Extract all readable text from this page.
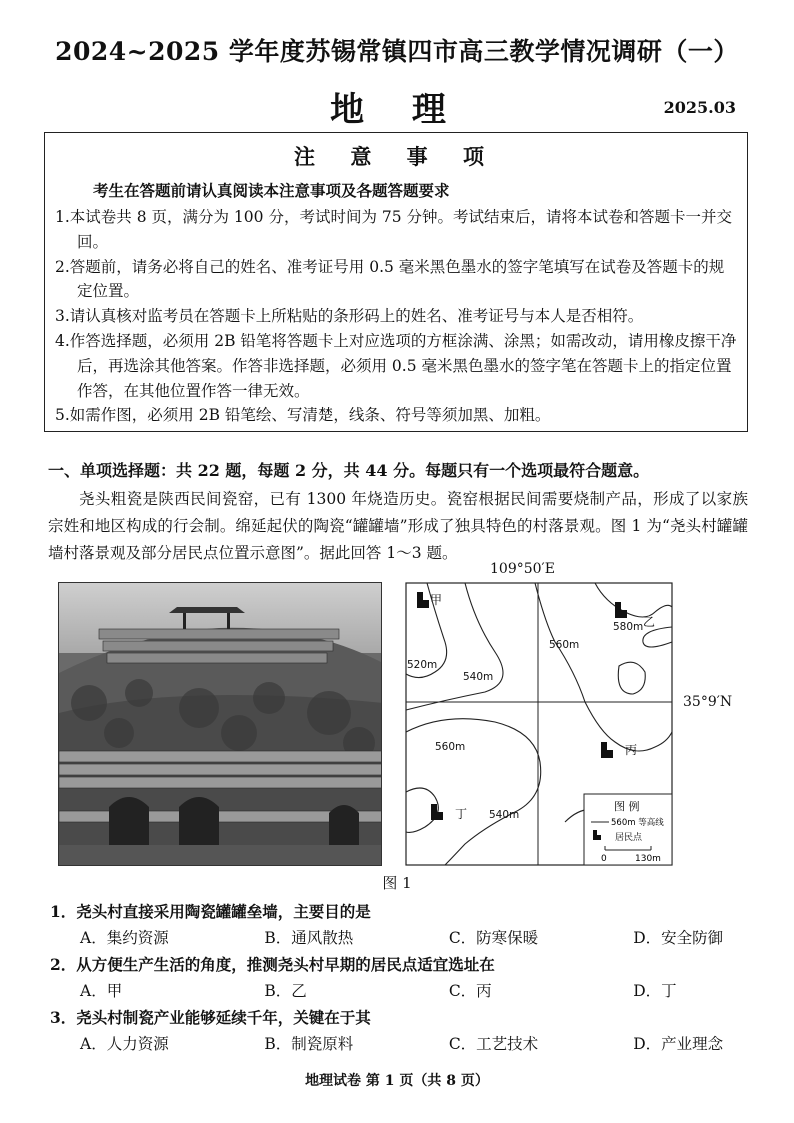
2024~2025 学年度苏锡常镇四市高三教学情况调研（一）
地 理	2025.03
注 意 事 项
考生在答题前请认真阅读本注意事项及各题答题要求
1.本试卷共 8 页，满分为 100 分，考试时间为 75 分钟。考试结束后，请将本试卷和答题卡一并交回。
2.答题前，请务必将自己的姓名、准考证号用 0.5 毫米黑色墨水的签字笔填写在试卷及答题卡的规定位置。
3.请认真核对监考员在答题卡上所粘贴的条形码上的姓名、准考证号与本人是否相符。
4.作答选择题，必须用 2B 铅笔将答题卡上对应选项的方框涂满、涂黑；如需改动，请用橡皮擦干净后，再选涂其他答案。作答非选择题，必须用 0.5 毫米黑色墨水的签字笔在答题卡上的指定位置作答，在其他位置作答一律无效。
5.如需作图，必须用 2B 铅笔绘、写清楚，线条、符号等须加黑、加粗。
一、单项选择题：共 22 题，每题 2 分，共 44 分。每题只有一个选项最符合题意。
尧头粗瓷是陕西民间瓷窑，已有 1300 年烧造历史。瓷窑根据民间需要烧制产品，形成了以家族宗姓和地区构成的行会制。绵延起伏的陶瓷“罐罐墙”形成了独具特色的村落景观。图 1 为“尧头村罐罐墙村落景观及部分居民点位置示意图”。据此回答 1～3 题。
109°50′E
35°9′N
520m
540m
560m
580m
560m
540m
甲
乙
丙
丁
图 例
560m 等高线
居民点
0	130m
图 1
1．尧头村直接采用陶瓷罐罐垒墙，主要目的是
A．集约资源	B．通风散热	C．防寒保暖	D．安全防御
2．从方便生产生活的角度，推测尧头村早期的居民点适宜选址在
A．甲	B．乙	C．丙	D．丁
3．尧头村制瓷产业能够延续千年，关键在于其
A．人力资源	B．制瓷原料	C．工艺技术	D．产业理念
地理试卷 第 1 页（共 8 页）
